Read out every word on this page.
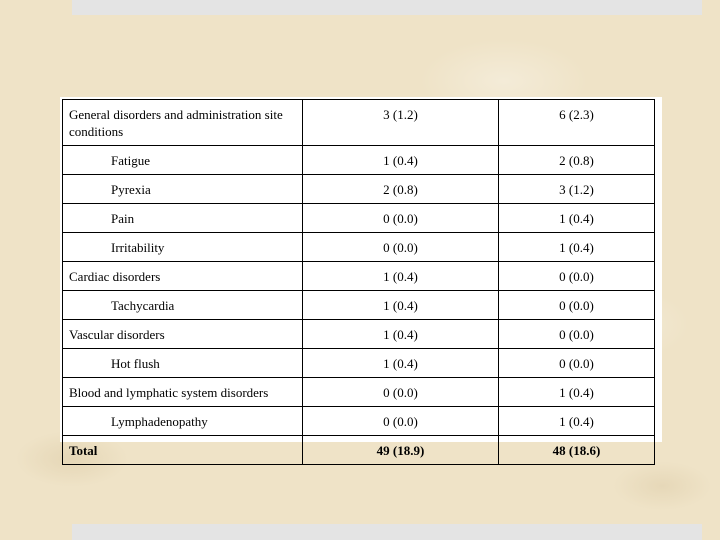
General disorders and administration site conditions	3 (1.2)	6 (2.3)
Fatigue	1 (0.4)	2 (0.8)
Pyrexia	2 (0.8)	3 (1.2)
Pain	0 (0.0)	1 (0.4)
Irritability	0 (0.0)	1 (0.4)
Cardiac disorders	1 (0.4)	0 (0.0)
Tachycardia	1 (0.4)	0 (0.0)
Vascular disorders	1 (0.4)	0 (0.0)
Hot flush	1 (0.4)	0 (0.0)
Blood and lymphatic system disorders	0 (0.0)	1 (0.4)
Lymphadenopathy	0 (0.0)	1 (0.4)
Total	49 (18.9)	48 (18.6)
